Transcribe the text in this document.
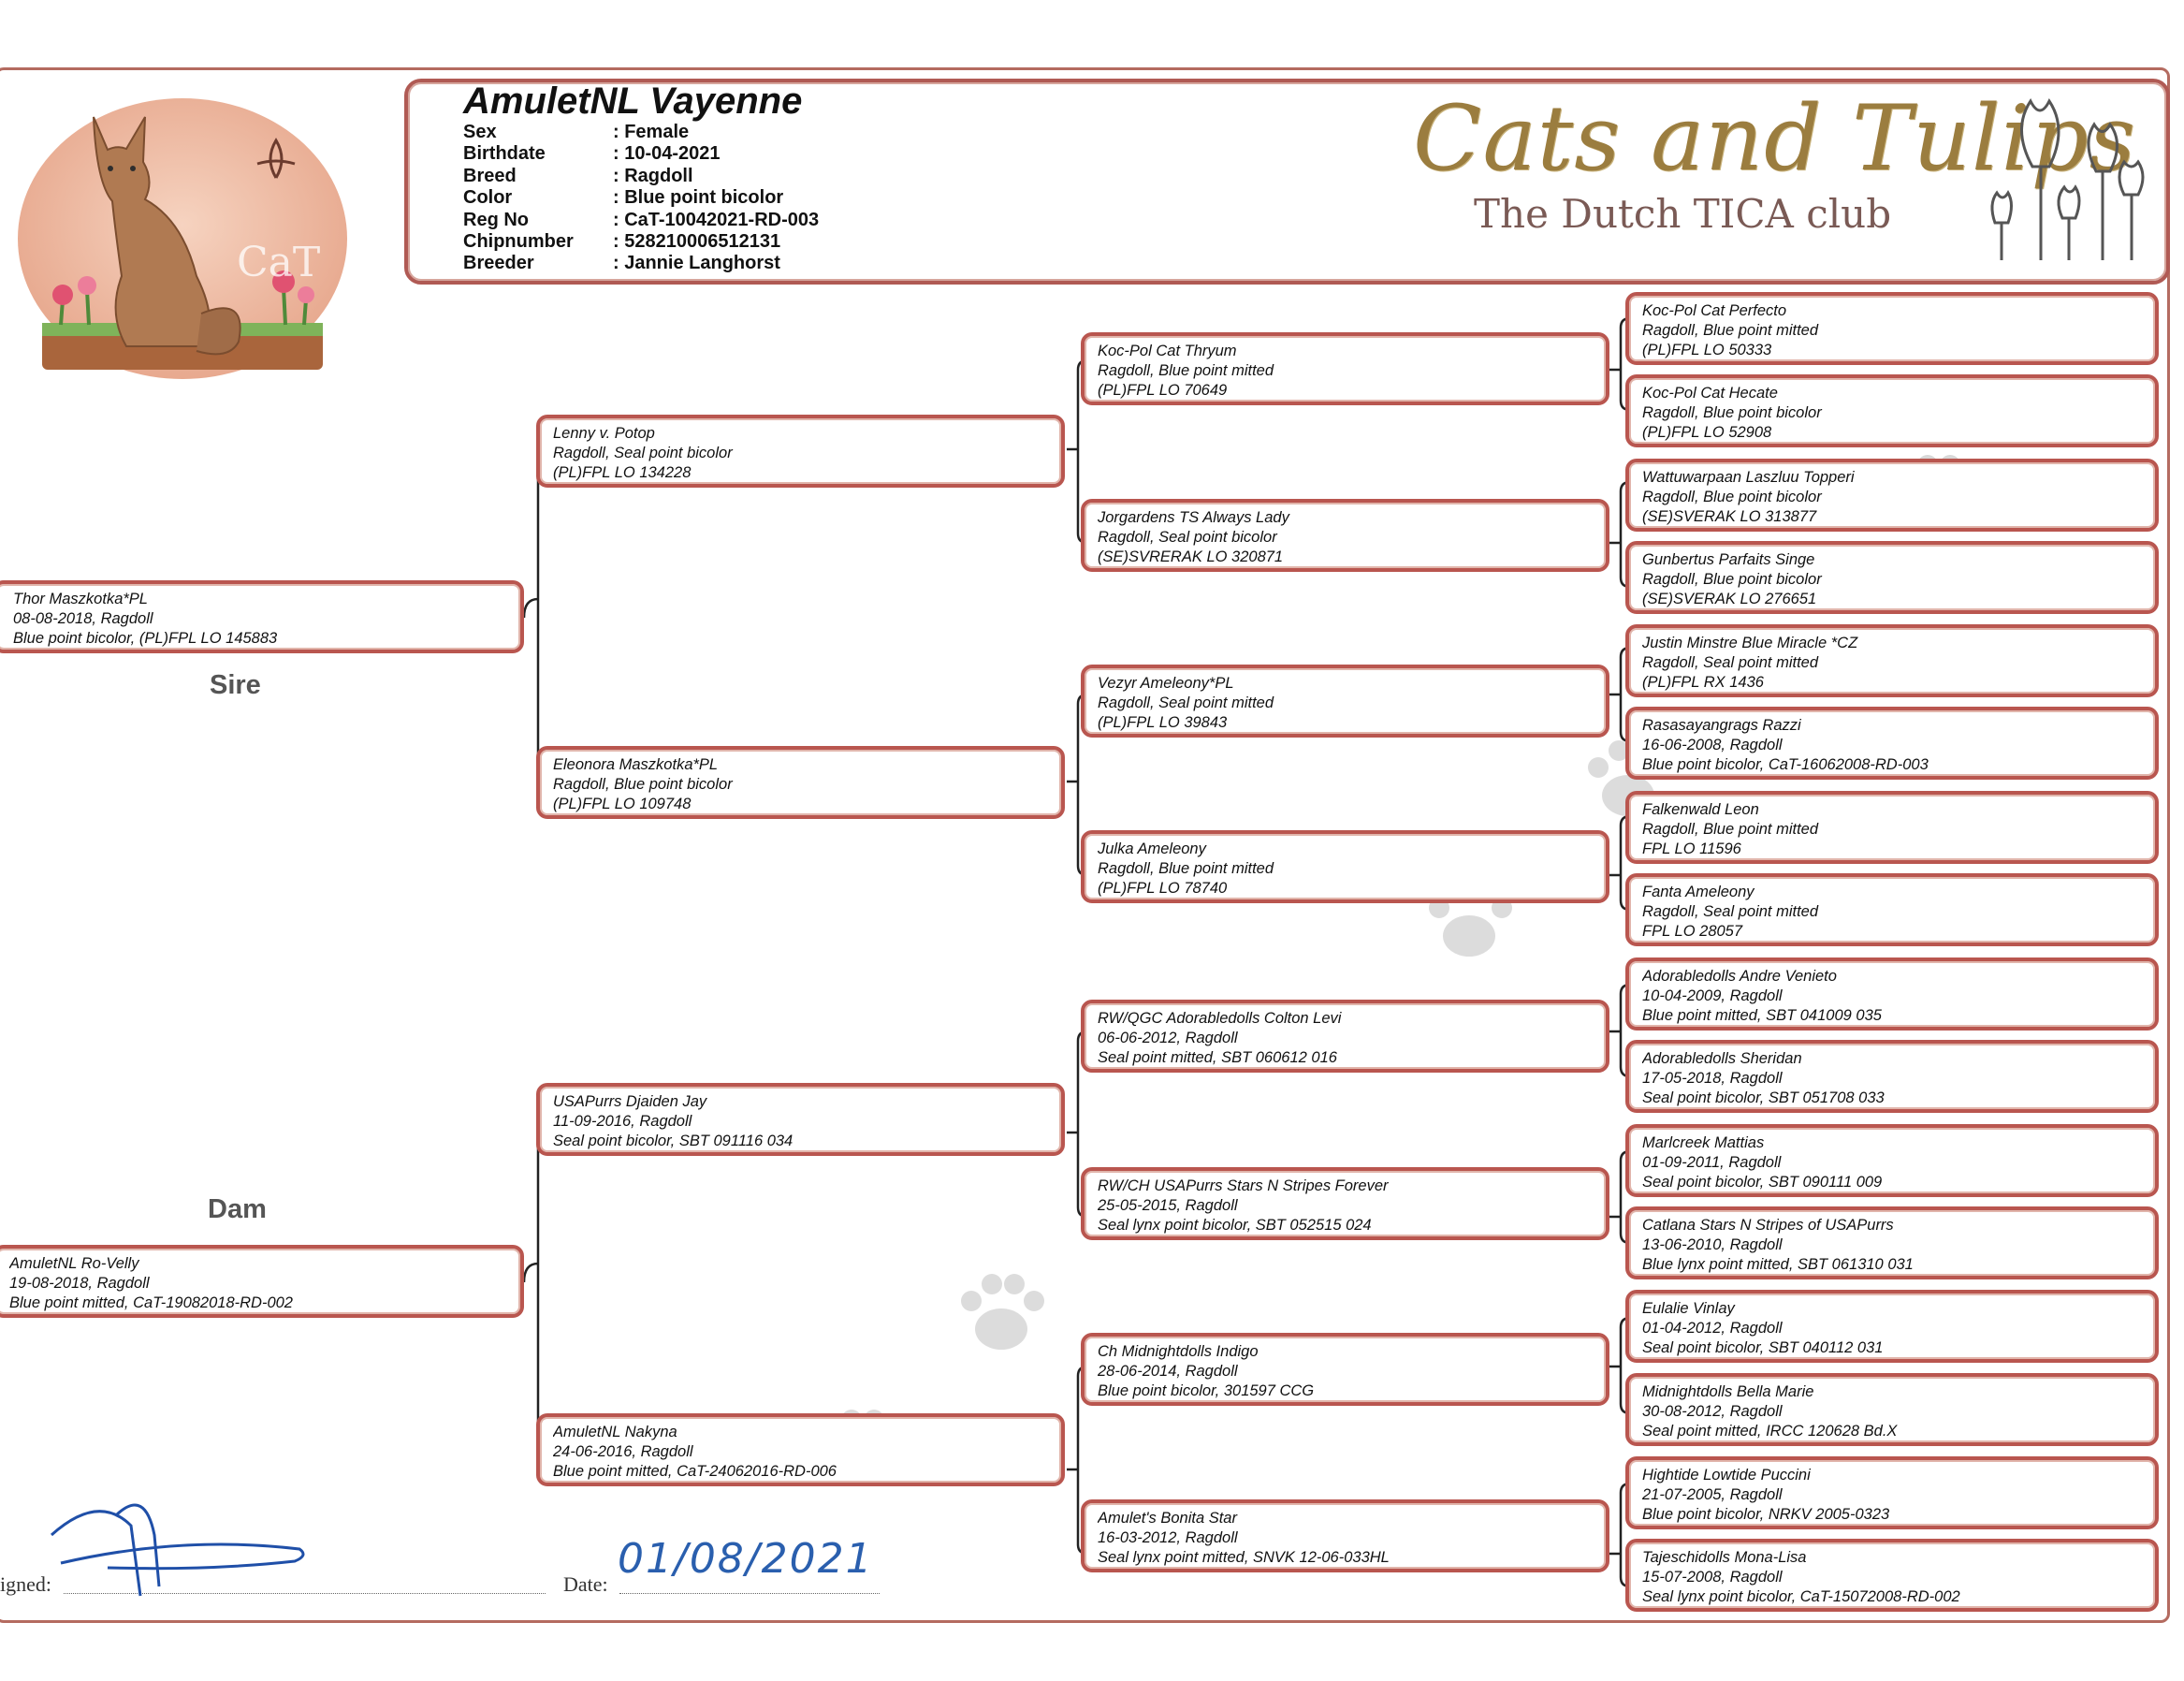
CaT
AmuletNL Vayenne
Sex	: Female
Birthdate	: 10-04-2021
Breed	: Ragdoll
Color	: Blue point bicolor
Reg No	: CaT-10042021-RD-003
Chipnumber	: 528210006512131
Breeder	: Jannie Langhorst

Cats and Tulips

The Dutch TICA club

Thor Maszkotka*PL
08-08-2018, Ragdoll
Blue point bicolor, (PL)FPL LO 145883
Sire
Dam
AmuletNL Ro-Velly
19-08-2018, Ragdoll
Blue point mitted, CaT-19082018-RD-002
Lenny v. Potop
Ragdoll, Seal point bicolor
(PL)FPL LO 134228
Eleonora Maszkotka*PL
Ragdoll, Blue point bicolor
(PL)FPL LO 109748
USAPurrs Djaiden Jay
11-09-2016, Ragdoll
Seal point bicolor, SBT 091116 034
AmuletNL Nakyna
24-06-2016, Ragdoll
Blue point mitted, CaT-24062016-RD-006
Koc-Pol Cat Thryum
Ragdoll, Blue point mitted
(PL)FPL LO 70649
Jorgardens TS Always Lady
Ragdoll, Seal point bicolor
(SE)SVRERAK LO 320871
Vezyr Ameleony*PL
Ragdoll, Seal point mitted
(PL)FPL LO 39843
Julka Ameleony
Ragdoll, Blue point mitted
(PL)FPL LO 78740
RW/QGC Adorabledolls Colton Levi
06-06-2012, Ragdoll
Seal point mitted, SBT 060612 016
RW/CH USAPurrs Stars N Stripes Forever
25-05-2015, Ragdoll
Seal lynx point bicolor, SBT 052515 024
Ch Midnightdolls Indigo
28-06-2014, Ragdoll
Blue point bicolor, 301597 CCG
Amulet's Bonita Star
16-03-2012, Ragdoll
Seal lynx point mitted, SNVK 12-06-033HL
Koc-Pol Cat Perfecto
Ragdoll, Blue point mitted
(PL)FPL LO 50333
Koc-Pol Cat Hecate
Ragdoll, Blue point bicolor
(PL)FPL LO 52908
Wattuwarpaan Laszluu Topperi
Ragdoll, Blue point bicolor
(SE)SVERAK LO 313877
Gunbertus Parfaits Singe
Ragdoll, Blue point bicolor
(SE)SVERAK LO 276651
Justin Minstre Blue Miracle *CZ
Ragdoll, Seal point mitted
(PL)FPL RX 1436
Rasasayangrags Razzi
16-06-2008, Ragdoll
Blue point bicolor, CaT-16062008-RD-003
Falkenwald Leon
Ragdoll, Blue point mitted
FPL LO 11596
Fanta Ameleony
Ragdoll, Seal point mitted
FPL LO 28057
Adorabledolls Andre Venieto
10-04-2009, Ragdoll
Blue point mitted, SBT 041009 035
Adorabledolls Sheridan
17-05-2018, Ragdoll
Seal point bicolor, SBT 051708 033
Marlcreek Mattias
01-09-2011, Ragdoll
Seal point bicolor, SBT 090111 009
Catlana Stars N Stripes of USAPurrs
13-06-2010, Ragdoll
Blue lynx point mitted, SBT 061310 031
Eulalie Vinlay
01-04-2012, Ragdoll
Seal point bicolor, SBT 040112 031
Midnightdolls Bella Marie
30-08-2012, Ragdoll
Seal point mitted, IRCC 120628 Bd.X
Hightide Lowtide Puccini
21-07-2005, Ragdoll
Blue point bicolor, NRKV 2005-0323
Tajeschidolls Mona-Lisa
15-07-2008, Ragdoll
Seal lynx point bicolor, CaT-15072008-RD-002
igned:	Date:
01/08/2021
